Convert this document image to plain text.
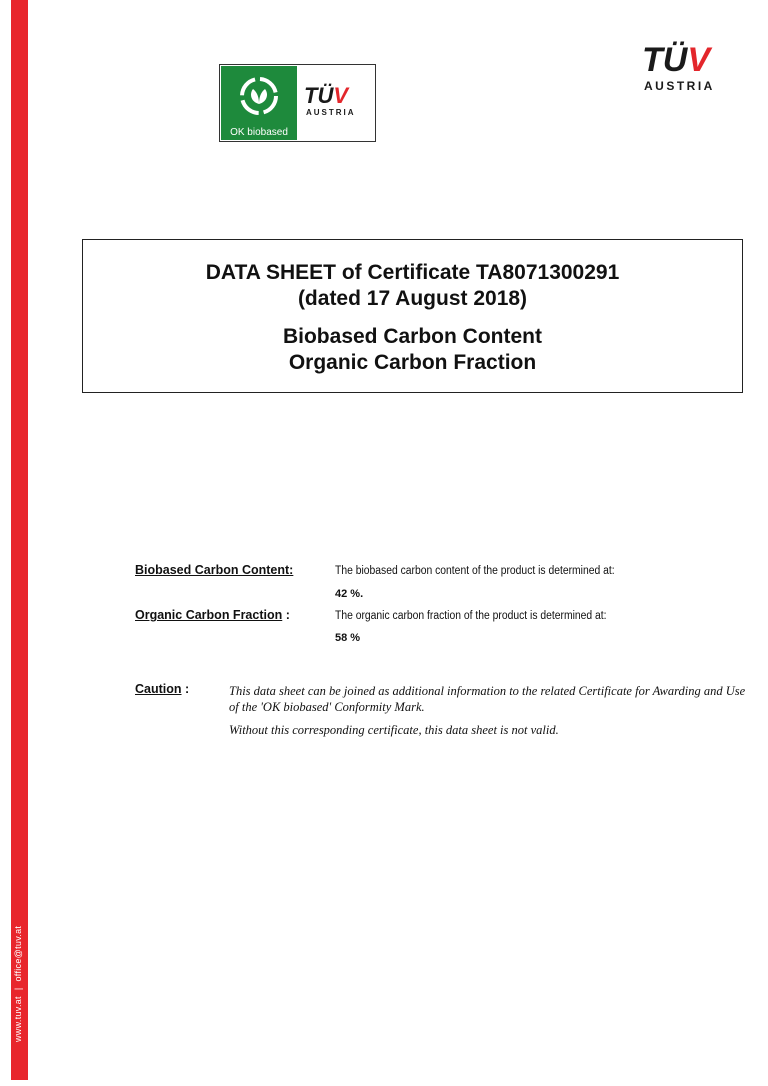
www.tuv.at|office@tuv.at
OK biobased
TÜV
AUSTRIA
TÜV
AUSTRIA
DATA SHEET of Certificate TA8071300291
(dated 17 August 2018)
Biobased Carbon Content
Organic Carbon Fraction
Biobased Carbon Content:	The biobased carbon content of the product is determined at:
42 %.
Organic Carbon Fraction :	The organic carbon fraction of the product is determined at:
58 %
Caution :	This data sheet can be joined as additional information to the related Certificate for Awarding and Use of the 'OK biobased' Conformity Mark.
Without this corresponding certificate, this data sheet is not valid.
